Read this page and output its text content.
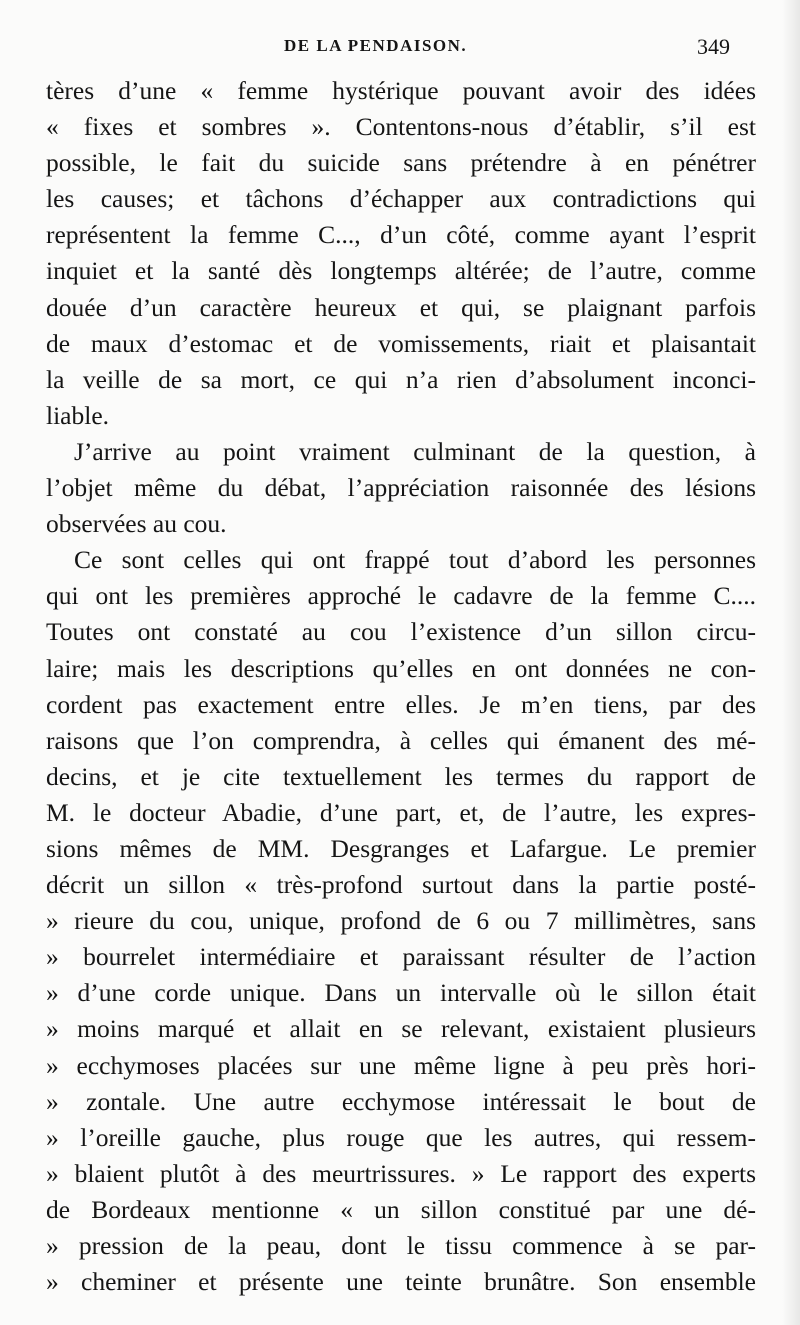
DE LA PENDAISON.	349
tères d’une « femme hystérique pouvant avoir des idées
« fixes et sombres ». Contentons-nous d’établir, s’il est
possible, le fait du suicide sans prétendre à en pénétrer
les causes; et tâchons d’échapper aux contradictions qui
représentent la femme C..., d’un côté, comme ayant l’esprit
inquiet et la santé dès longtemps altérée; de l’autre, comme
douée d’un caractère heureux et qui, se plaignant parfois
de maux d’estomac et de vomissements, riait et plaisantait
la veille de sa mort, ce qui n’a rien d’absolument inconci-
liable.
J’arrive au point vraiment culminant de la question, à
l’objet même du débat, l’appréciation raisonnée des lésions
observées au cou.
Ce sont celles qui ont frappé tout d’abord les personnes
qui ont les premières approché le cadavre de la femme C....
Toutes ont constaté au cou l’existence d’un sillon circu-
laire; mais les descriptions qu’elles en ont données ne con-
cordent pas exactement entre elles. Je m’en tiens, par des
raisons que l’on comprendra, à celles qui émanent des mé-
decins, et je cite textuellement les termes du rapport de
M. le docteur Abadie, d’une part, et, de l’autre, les expres-
sions mêmes de MM. Desgranges et Lafargue. Le premier
décrit un sillon « très-profond surtout dans la partie posté-
» rieure du cou, unique, profond de 6 ou 7 millimètres, sans
» bourrelet intermédiaire et paraissant résulter de l’action
» d’une corde unique. Dans un intervalle où le sillon était
» moins marqué et allait en se relevant, existaient plusieurs
» ecchymoses placées sur une même ligne à peu près hori-
» zontale. Une autre ecchymose intéressait le bout de
» l’oreille gauche, plus rouge que les autres, qui ressem-
» blaient plutôt à des meurtrissures. » Le rapport des experts
de Bordeaux mentionne « un sillon constitué par une dé-
» pression de la peau, dont le tissu commence à se par-
» cheminer et présente une teinte brunâtre. Son ensemble
